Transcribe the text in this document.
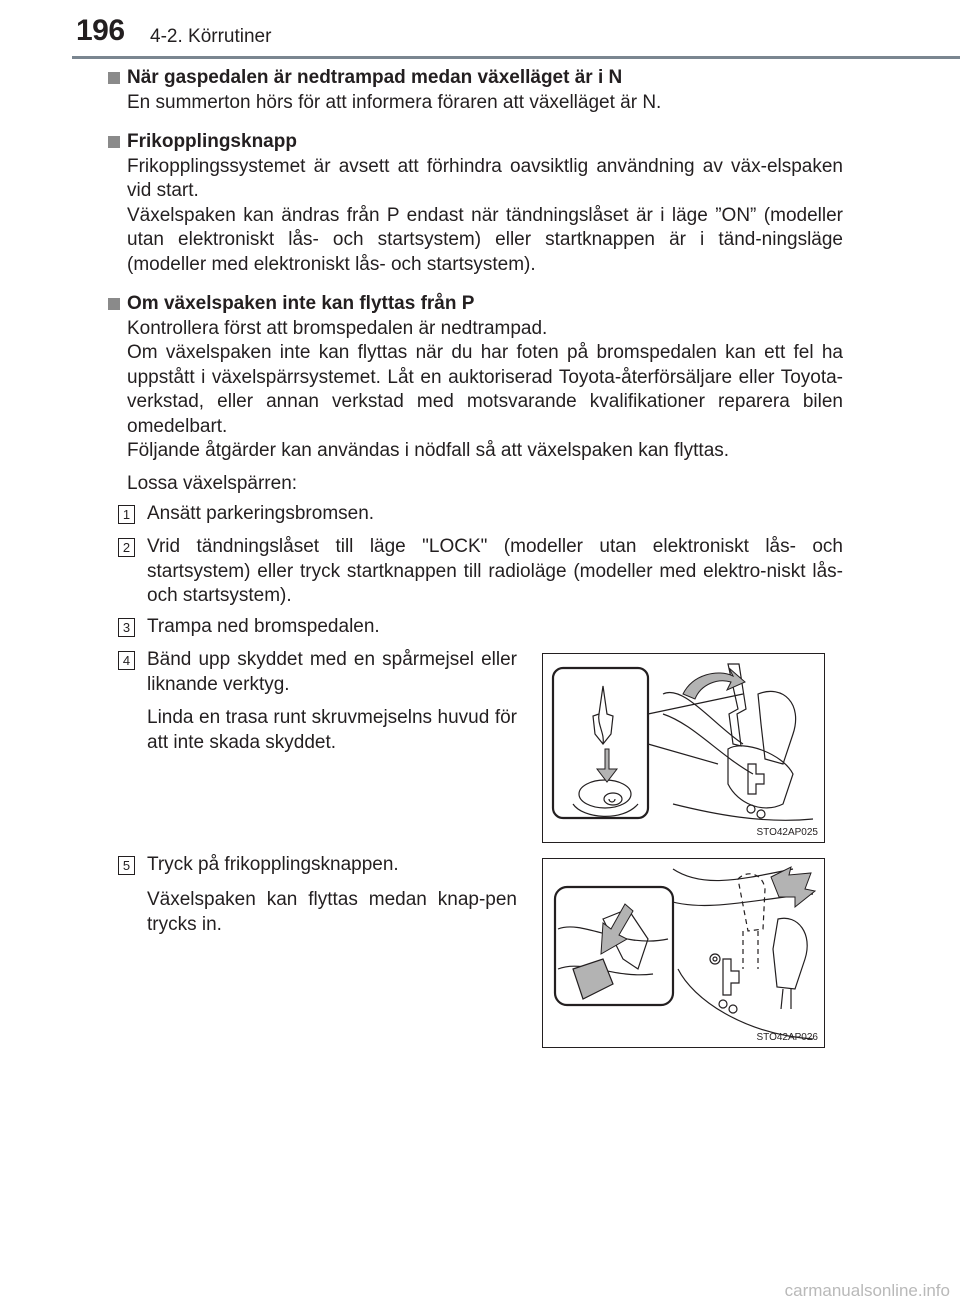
196 4-2. Körrutiner
När gaspedalen är nedtrampad medan växelläget är i N
En summerton hörs för att informera föraren att växelläget är N.
Frikopplingsknapp
Frikopplingssystemet är avsett att förhindra oavsiktlig användning av väx-elspaken vid start.
Växelspaken kan ändras från P endast när tändningslåset är i läge ”ON” (modeller utan elektroniskt lås- och startsystem) eller startknappen är i tänd-ningsläge (modeller med elektroniskt lås- och startsystem).
Om växelspaken inte kan flyttas från P
Kontrollera först att bromspedalen är nedtrampad.
Om växelspaken inte kan flyttas när du har foten på bromspedalen kan ett fel ha uppstått i växelspärrsystemet. Låt en auktoriserad Toyota-återförsäljare eller Toyota-verkstad, eller annan verkstad med motsvarande kvalifikationer reparera bilen omedelbart.
Följande åtgärder kan användas i nödfall så att växelspaken kan flyttas.
Lossa växelspärren:
1 Ansätt parkeringsbromsen.
2 Vrid tändningslåset till läge "LOCK" (modeller utan elektroniskt lås- och startsystem) eller tryck startknappen till radioläge (modeller med elektro-niskt lås- och startsystem).
3 Trampa ned bromspedalen.
4 Bänd upp skyddet med en spårmejsel eller liknande verktyg.
Linda en trasa runt skruvmejselns huvud för att inte skada skyddet.
5 Tryck på frikopplingsknappen.
Växelspaken kan flyttas medan knap-pen trycks in.
STO42AP025
STO42AP026
carmanualsonline.info
